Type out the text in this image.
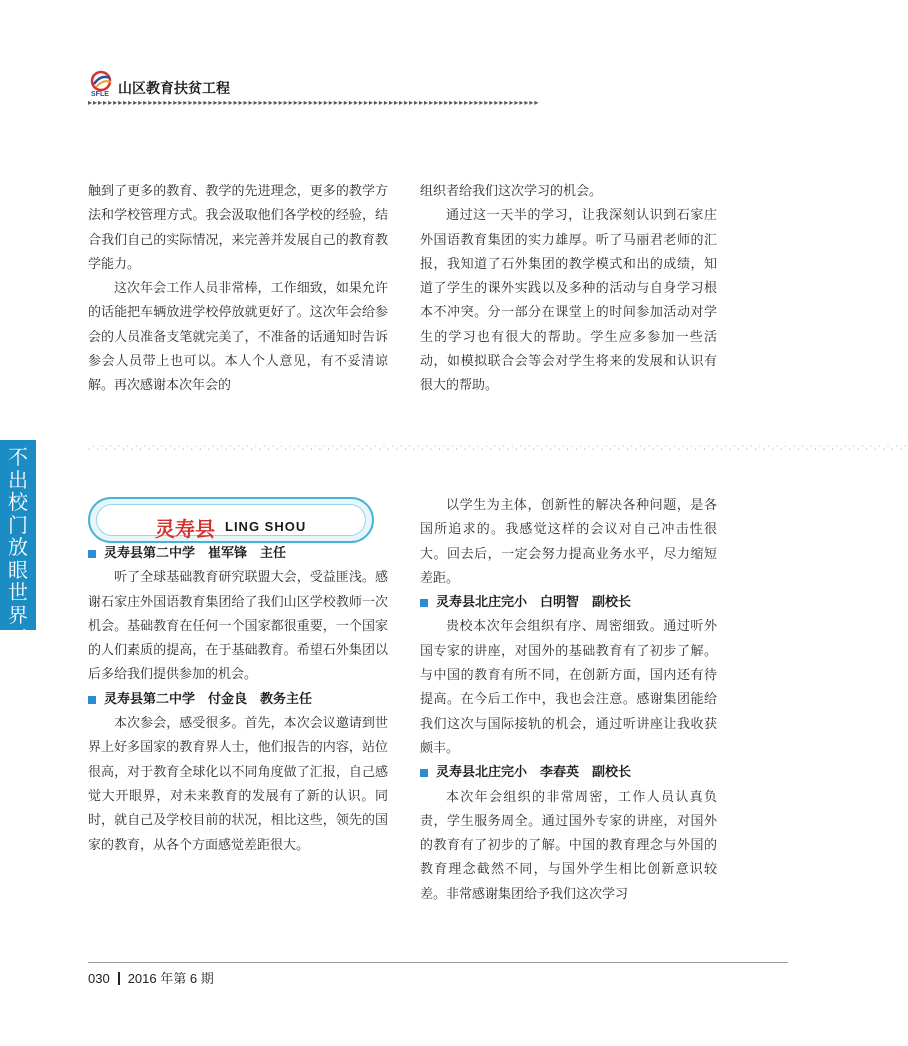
SFLE 山区教育扶贫工程
▸▸▸▸▸▸▸▸▸▸▸▸▸▸▸▸▸▸▸▸▸▸▸▸▸▸▸▸▸▸▸▸▸▸▸▸▸▸▸▸▸▸▸▸▸▸▸▸▸▸▸▸▸▸▸▸▸▸▸▸▸▸▸▸▸▸▸▸▸▸▸▸▸▸▸▸▸▸▸▸▸▸▸▸▸▸▸▸▸▸

触到了更多的教育、教学的先进理念，更多的教学方法和学校管理方式。我会汲取他们各学校的经验，结合我们自己的实际情况，来完善并发展自己的教育教学能力。

这次年会工作人员非常棒，工作细致，如果允许的话能把车辆放进学校停放就更好了。这次年会给参会的人员准备支笔就完美了，不准备的话通知时告诉参会人员带上也可以。本人个人意见，有不妥清谅解。再次感谢本次年会的

组织者给我们这次学习的机会。

通过这一天半的学习，让我深刻认识到石家庄外国语教育集团的实力雄厚。听了马丽君老师的汇报，我知道了石外集团的教学模式和出的成绩，知道了学生的课外实践以及多种的活动与自身学习根本不冲突。分一部分在课堂上的时间参加活动对学生的学习也有很大的帮助。学生应多参加一些活动，如模拟联合会等会对学生将来的发展和认识有很大的帮助。

·˙·˙·˙·˙·˙·˙·˙·˙·˙·˙·˙·˙·˙·˙·˙·˙·˙·˙·˙·˙·˙·˙·˙·˙·˙·˙·˙·˙·˙·˙·˙·˙·˙·˙·˙·˙·˙·˙·˙·˙·˙·˙·˙·˙·˙·˙·˙·˙·˙·˙·˙·˙·˙·˙·˙·˙·˙·˙·˙·˙·˙·˙·˙·˙·˙·˙·˙·˙·˙·˙·˙·˙·˙·˙·˙·˙·˙·˙·˙·˙·˙·˙·˙·˙·˙·˙·˙·˙·˙·˙·˙·˙·˙·˙·˙·˙
不出校门放眼世界工程
灵寿县 LING SHOU

灵寿县第二中学　崔军锋　主任

听了全球基础教育研究联盟大会，受益匪浅。感谢石家庄外国语教育集团给了我们山区学校教师一次机会。基础教育在任何一个国家都很重要，一个国家的人们素质的提高，在于基础教育。希望石外集团以后多给我们提供参加的机会。

灵寿县第二中学　付金良　教务主任

本次参会，感受很多。首先，本次会议邀请到世界上好多国家的教育界人士，他们报告的内容，站位很高，对于教育全球化以不同角度做了汇报，自己感觉大开眼界，对未来教育的发展有了新的认识。同时，就自己及学校目前的状况，相比这些，领先的国家的教育，从各个方面感觉差距很大。

以学生为主体，创新性的解决各种问题，是各国所追求的。我感觉这样的会议对自己冲击性很大。回去后，一定会努力提高业务水平，尽力缩短差距。

灵寿县北庄完小　白明智　副校长

贵校本次年会组织有序、周密细致。通过听外国专家的讲座，对国外的基础教育有了初步了解。与中国的教育有所不同，在创新方面，国内还有待提高。在今后工作中，我也会注意。感谢集团能给我们这次与国际接轨的机会，通过听讲座让我收获颇丰。

灵寿县北庄完小　李春英　副校长

本次年会组织的非常周密，工作人员认真负责，学生服务周全。通过国外专家的讲座，对国外的教育有了初步的了解。中国的教育理念与外国的教育理念截然不同，与国外学生相比创新意识较差。非常感谢集团给予我们这次学习

030 2016 年第 6 期
